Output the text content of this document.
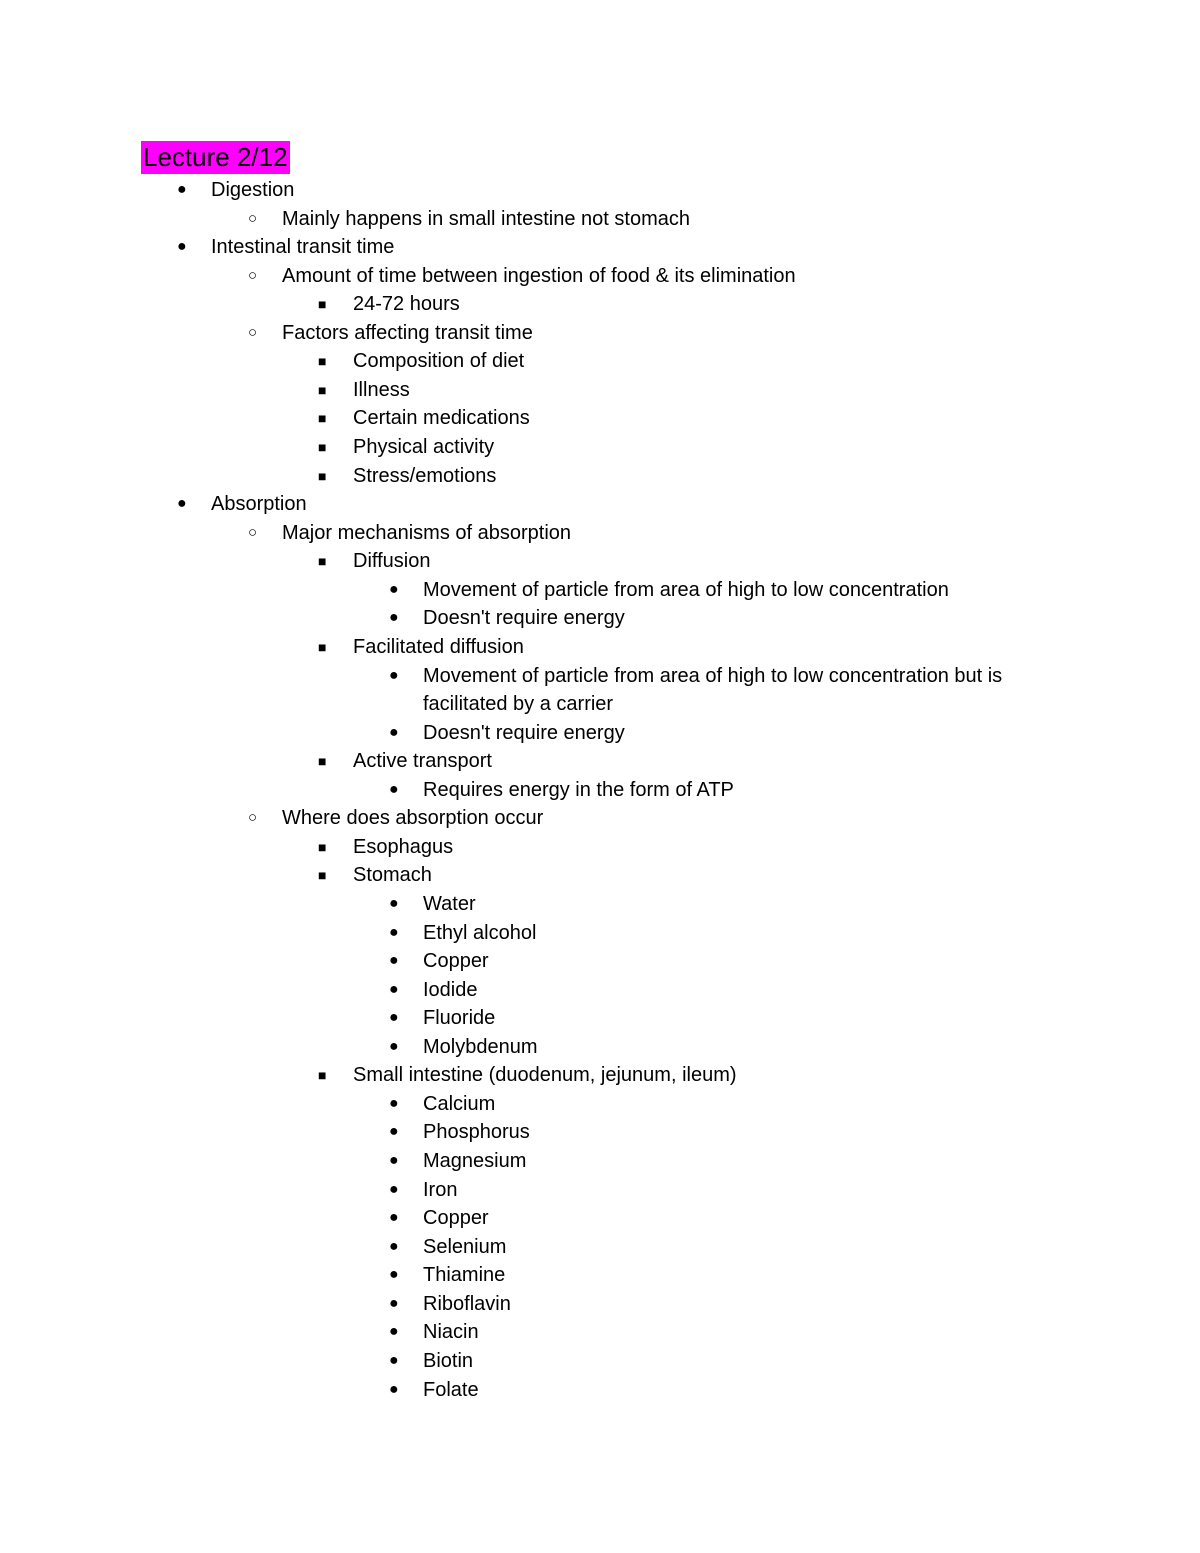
Lecture 2/12
● Digestion
○ Mainly happens in small intestine not stomach
● Intestinal transit time
○ Amount of time between ingestion of food & its elimination
■ 24-72 hours
○ Factors affecting transit time
■ Composition of diet
■ Illness
■ Certain medications
■ Physical activity
■ Stress/emotions
● Absorption
○ Major mechanisms of absorption
■ Diffusion
● Movement of particle from area of high to low concentration
● Doesn't require energy
■ Facilitated diffusion
● Movement of particle from area of high to low concentration but is
facilitated by a carrier
● Doesn't require energy
■ Active transport
● Requires energy in the form of ATP
○ Where does absorption occur
■ Esophagus
■ Stomach
● Water
● Ethyl alcohol
● Copper
● Iodide
● Fluoride
● Molybdenum
■ Small intestine (duodenum, jejunum, ileum)
● Calcium
● Phosphorus
● Magnesium
● Iron
● Copper
● Selenium
● Thiamine
● Riboflavin
● Niacin
● Biotin
● Folate
